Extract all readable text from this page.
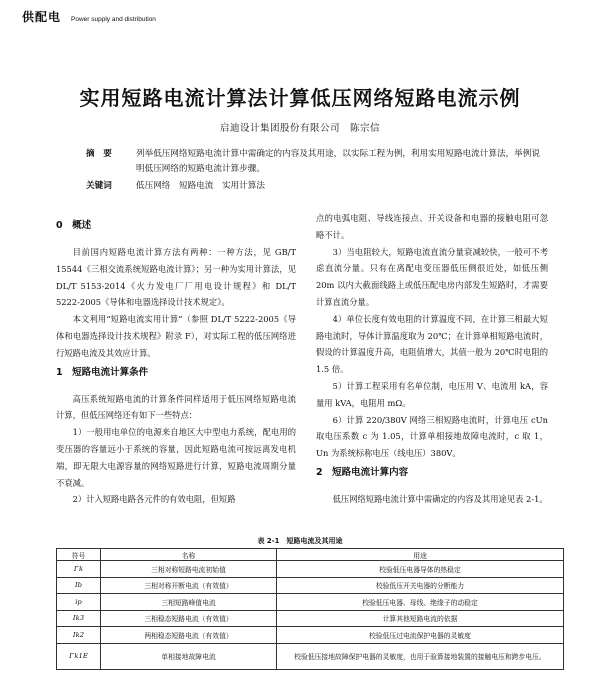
供配电 Power supply and distribution
实用短路电流计算法计算低压网络短路电流示例
启迪设计集团股份有限公司　陈宗信
摘　要	列举低压网络短路电流计算中需确定的内容及其用途，以实际工程为例，利用实用短路电流计算法，举例说明低压网络的短路电流计算步骤。
关键词	低压网络　短路电流　实用计算法
0　概述

目前国内短路电流计算方法有两种：一种方法，见 GB/T 15544《三相交流系统短路电流计算》；另一种为实用计算法，见 DL/T 5153-2014《火力发电厂厂用电设计规程》和 DL/T 5222-2005《导体和电器选择设计技术规定》。

本文利用“短路电流实用计算”（参照 DL/T 5222-2005《导体和电器选择设计技术规程》附录 F），对实际工程的低压网络进行短路电流及其效应计算。

1　短路电流计算条件

高压系统短路电流的计算条件同样适用于低压网络短路电流计算，但低压网络还有如下一些特点：

1）一般用电单位的电源来自地区大中型电力系统，配电用的变压器的容量远小于系统的容量，因此短路电流可按远离发电机端，即无限大电源容量的网络短路进行计算，短路电流周期分量不衰减。

2）计入短路电路各元件的有效电阻，但短路

点的电弧电阻、导线连接点、开关设备和电器的接触电阻可忽略不计。

3）当电阻较大，短路电流直流分量衰减较快，一般可不考虑直流分量。只有在离配电变压器低压侧很近处，如低压侧 20m 以内大截面线路上或低压配电房内部发生短路时，才需要计算直流分量。

4）单位长度有效电阻的计算温度不同，在计算三相最大短路电流时，导体计算温度取为 20℃；在计算单相短路电流时，假设的计算温度升高，电阻值增大，其值一般为 20℃时电阻的 1.5 倍。

5）计算工程采用有名单位制，电压用 V、电流用 kA，容量用 kVA，电阻用 mΩ。

6）计算 220/380V 网络三相短路电流时，计算电压 cUn 取电压系数 c 为 1.05，计算单相接地故障电流时，c 取 1，Un 为系统标称电压（线电压）380V。

2　短路电流计算内容

低压网络短路电流计算中需确定的内容及其用途见表 2-1。

表 2-1　短路电流及其用途
符号	名称	用途
I″k	三相对称短路电流初始值	校验低压电器导体的热稳定
Ib	三相对称开断电流（有效值）	校验低压开关电器的分断能力
ip	三相短路峰值电流	校验低压电器、母线、绝缘子的动稳定
Ik3	三相稳态短路电流（有效值）	计算其他短路电流的依据
Ik2	两相稳态短路电流（有效值）	校验低压过电流保护电器的灵敏度
I″k1E	单相接地故障电流	校验低压接地故障保护电器的灵敏度，也用于验算接地装置的接触电压和跨步电压。
